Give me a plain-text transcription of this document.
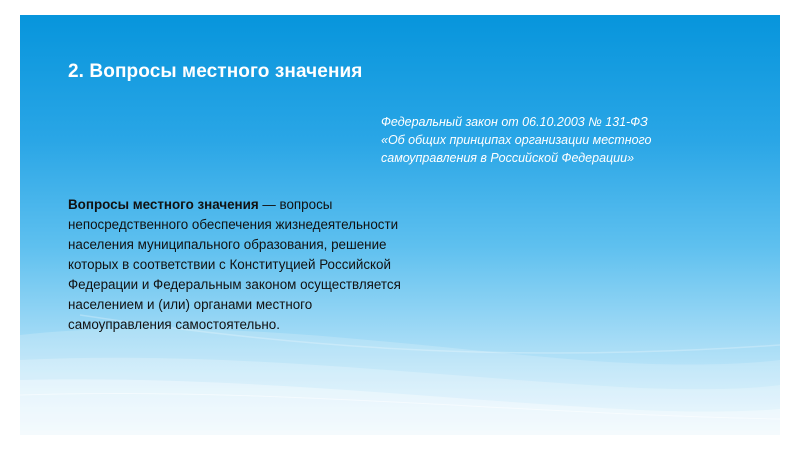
2. Вопросы местного значения
Федеральный закон от 06.10.2003 № 131-ФЗ
«Об общих принципах организации местного
самоуправления в Российской Федерации»
Вопросы местного значения — вопросы
непосредственного обеспечения жизнедеятельности
населения муниципального образования, решение
которых в соответствии с Конституцией Российской
Федерации и Федеральным законом осуществляется
населением и (или) органами местного
самоуправления самостоятельно.
